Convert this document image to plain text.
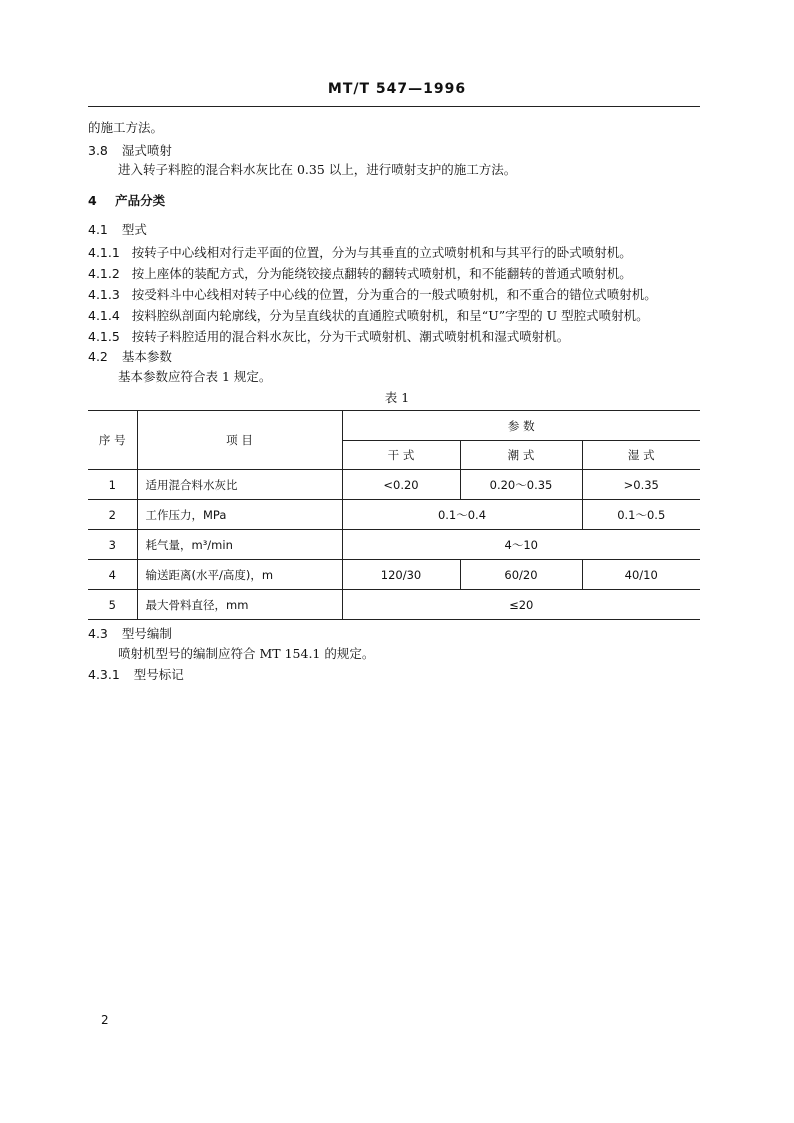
MT/T 547—1996
的施工方法。
3.8 湿式喷射
进入转子料腔的混合料水灰比在 0.35 以上，进行喷射支护的施工方法。
4 产品分类
4.1 型式
4.1.1 按转子中心线相对行走平面的位置，分为与其垂直的立式喷射机和与其平行的卧式喷射机。
4.1.2 按上座体的装配方式，分为能绕铰接点翻转的翻转式喷射机，和不能翻转的普通式喷射机。
4.1.3 按受料斗中心线相对转子中心线的位置，分为重合的一般式喷射机，和不重合的错位式喷射机。
4.1.4 按料腔纵剖面内轮廓线，分为呈直线状的直通腔式喷射机，和呈“U”字型的 U 型腔式喷射机。
4.1.5 按转子料腔适用的混合料水灰比，分为干式喷射机、潮式喷射机和湿式喷射机。
4.2 基本参数
基本参数应符合表 1 规定。
表 1
序 号	项 目	参 数		
		干 式	潮 式	湿 式
1	适用混合料水灰比	<0.20	0.20～0.35	>0.35
2	工作压力，MPa	0.1～0.4		0.1～0.5
3	耗气量，m³/min	4～10		
4	输送距离(水平/高度)，m	120/30	60/20	40/10
5	最大骨料直径，mm	≤20		
4.3 型号编制
喷射机型号的编制应符合 MT 154.1 的规定。
4.3.1 型号标记
2
